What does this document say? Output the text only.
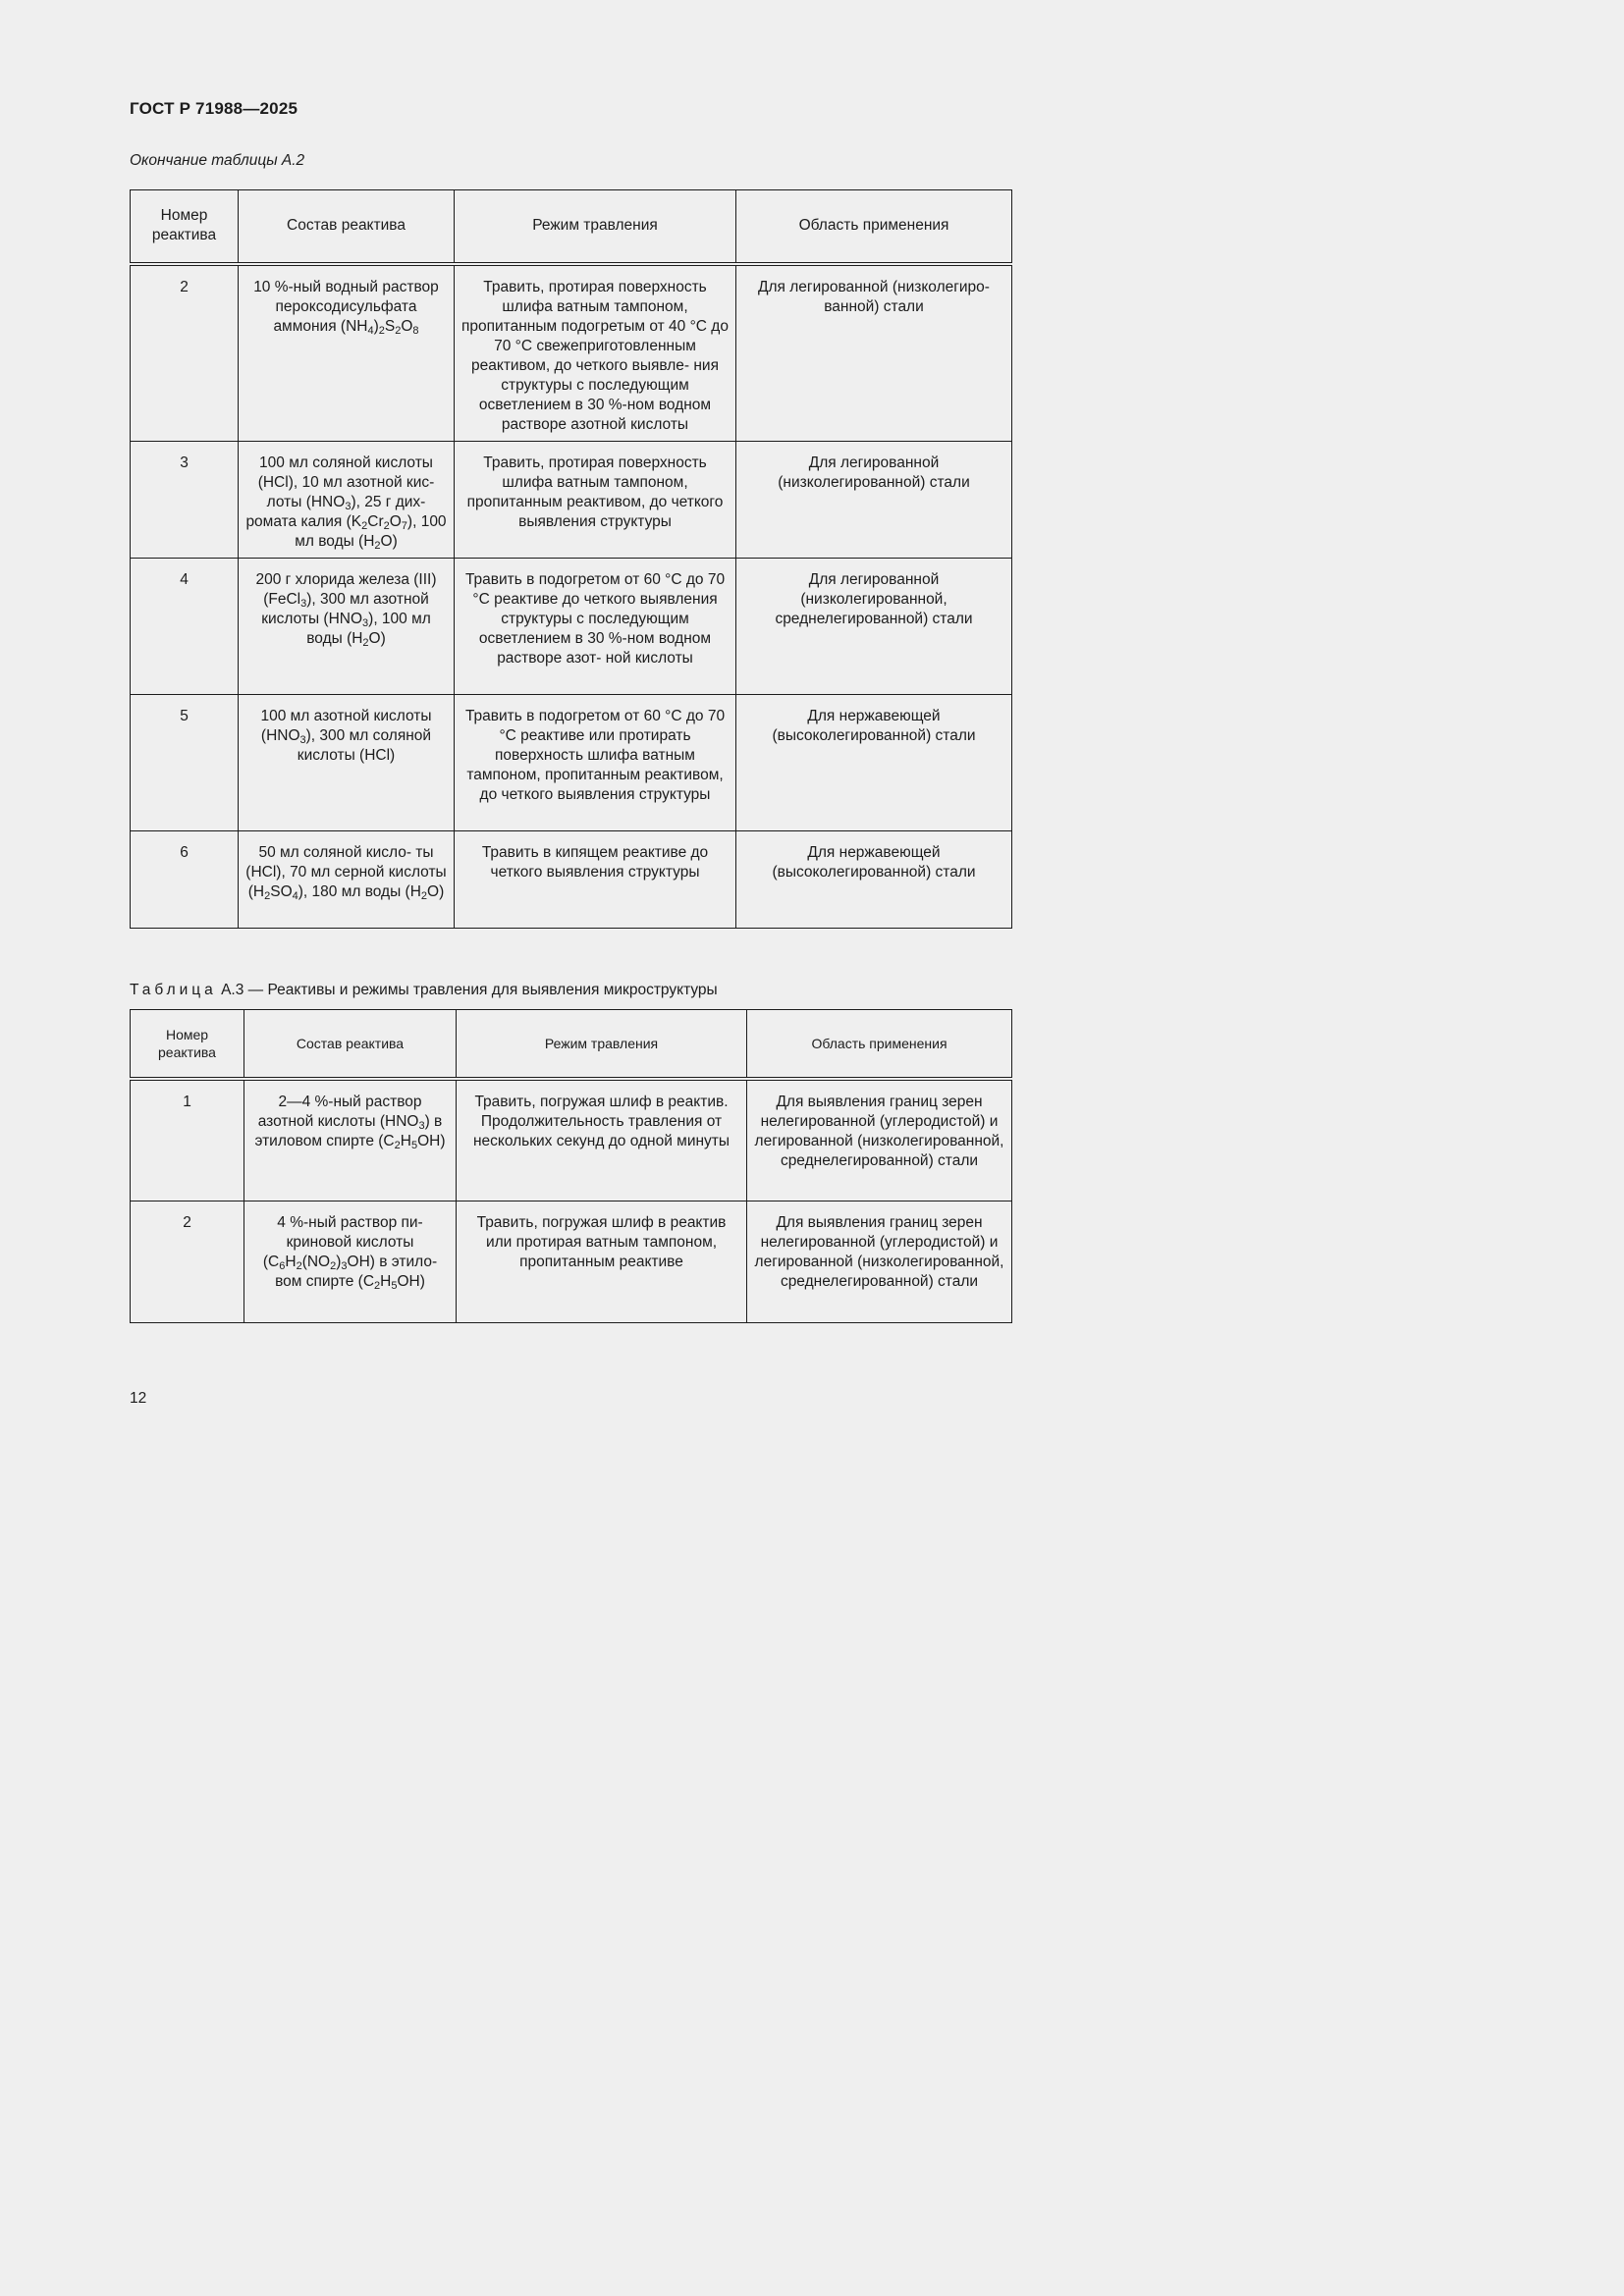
ГОСТ Р 71988—2025
Окончание таблицы А.2
Номер реактива	Состав реактива	Режим травления	Область применения
2	10 %-ный водный раствор пероксодисульфата аммония $(NH_4)_2S_2O_8$	Травить, протирая поверхность шлифа ватным тампоном, пропитанным подогретым от 40 °C до 70 °C свежеприготовленным реактивом, до четкого выявле- ния структуры с последующим осветлением в 30 %-ном водном растворе азотной кислоты	Для легированной (низколегиро- ванной) стали
3	100 мл соляной кислоты (HCl), 10 мл азотной кис- лоты $(HNO_3)$, 25 г дих- ромата калия $(K_2Cr_2O_7)$, 100 мл воды $(H_2O)$	Травить, протирая поверхность шлифа ватным тампоном, пропитанным реактивом, до четкого выявления структуры	Для легированной (низколегированной) стали
4	200 г хлорида железа (III) (FeCl$_3$), 300 мл азотной кислоты $(HNO_3)$, 100 мл воды $(H_2O)$	Травить в подогретом от 60 °C до 70 °C реактиве до четкого выявления структуры с последующим осветлением в 30 %-ном водном растворе азот- ной кислоты	Для легированной (низколегированной, среднелегированной) стали
5	100 мл азотной кислоты $(HNO_3)$, 300 мл соляной кислоты (HCl)	Травить в подогретом от 60 °C до 70 °C реактиве или протирать поверхность шлифа ватным тампоном, пропитанным реактивом, до четкого выявления структуры	Для нержавеющей (высоколегированной) стали
6	50 мл соляной кисло- ты (HCl), 70 мл серной кислоты $(H_2SO_4)$, 180 мл воды $(H_2O)$	Травить в кипящем реактиве до четкого выявления структуры	Для нержавеющей (высоколегированной) стали
Таблица А.3 — Реактивы и режимы травления для выявления микроструктуры
Номер реактива	Состав реактива	Режим травления	Область применения
1	2—4 %-ный раствор азотной кислоты $(HNO_3)$ в этиловом спирте $(C_2H_5OH)$	Травить, погружая шлиф в реактив. Продолжительность травления от нескольких секунд до одной минуты	Для выявления границ зерен нелегированной (углеродистой) и легированной (низколегированной, среднелегированной) стали
2	4 %-ный раствор пи- криновой кислоты $(C_6H_2(NO_2)_3OH)$ в этило- вом спирте $(C_2H_5OH)$	Травить, погружая шлиф в реактив или протирая ватным тампоном, пропитанным реактиве	Для выявления границ зерен нелегированной (углеродистой) и легированной (низколегированной, среднелегированной) стали
12
